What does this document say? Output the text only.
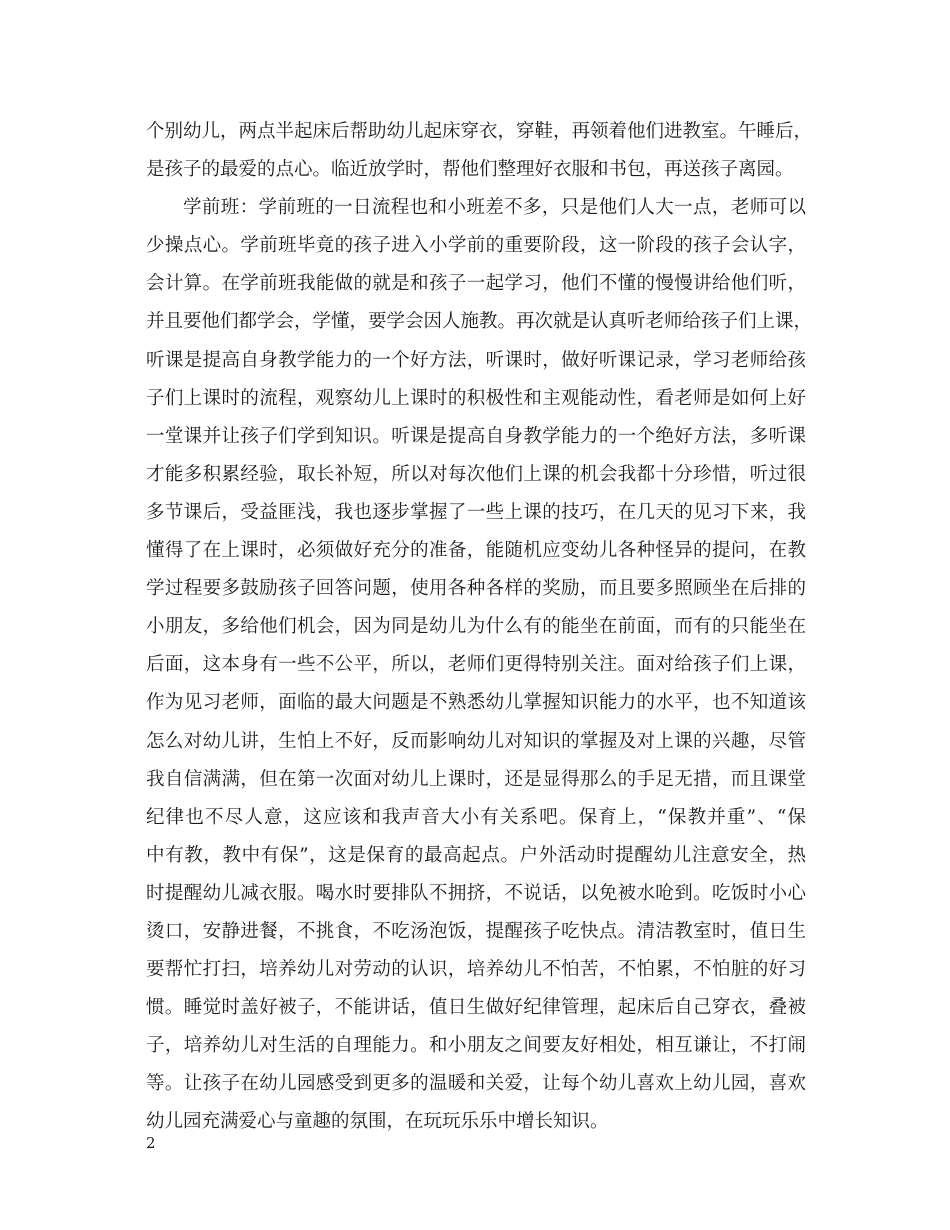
个别幼儿，两点半起床后帮助幼儿起床穿衣，穿鞋，再领着他们进教室。午睡后，
是孩子的最爱的点心。临近放学时，帮他们整理好衣服和书包，再送孩子离园。
学前班：学前班的一日流程也和小班差不多，只是他们人大一点，老师可以
少操点心。学前班毕竟的孩子进入小学前的重要阶段，这一阶段的孩子会认字，
会计算。在学前班我能做的就是和孩子一起学习，他们不懂的慢慢讲给他们听，
并且要他们都学会，学懂，要学会因人施教。再次就是认真听老师给孩子们上课，
听课是提高自身教学能力的一个好方法，听课时，做好听课记录，学习老师给孩
子们上课时的流程，观察幼儿上课时的积极性和主观能动性，看老师是如何上好
一堂课并让孩子们学到知识。听课是提高自身教学能力的一个绝好方法，多听课
才能多积累经验，取长补短，所以对每次他们上课的机会我都十分珍惜，听过很
多节课后，受益匪浅，我也逐步掌握了一些上课的技巧，在几天的见习下来，我
懂得了在上课时，必须做好充分的准备，能随机应变幼儿各种怪异的提问，在教
学过程要多鼓励孩子回答问题，使用各种各样的奖励，而且要多照顾坐在后排的
小朋友，多给他们机会，因为同是幼儿为什么有的能坐在前面，而有的只能坐在
后面，这本身有一些不公平，所以，老师们更得特别关注。面对给孩子们上课，
作为见习老师，面临的最大问题是不熟悉幼儿掌握知识能力的水平，也不知道该
怎么对幼儿讲，生怕上不好，反而影响幼儿对知识的掌握及对上课的兴趣，尽管
我自信满满，但在第一次面对幼儿上课时，还是显得那么的手足无措，而且课堂
纪律也不尽人意，这应该和我声音大小有关系吧。保育上，“保教并重”、“保
中有教，教中有保”，这是保育的最高起点。户外活动时提醒幼儿注意安全，热
时提醒幼儿减衣服。喝水时要排队不拥挤，不说话，以免被水呛到。吃饭时小心
烫口，安静进餐，不挑食，不吃汤泡饭，提醒孩子吃快点。清洁教室时，值日生
要帮忙打扫，培养幼儿对劳动的认识，培养幼儿不怕苦，不怕累，不怕脏的好习
惯。睡觉时盖好被子，不能讲话，值日生做好纪律管理，起床后自己穿衣，叠被
子，培养幼儿对生活的自理能力。和小朋友之间要友好相处，相互谦让，不打闹
等。让孩子在幼儿园感受到更多的温暖和关爱，让每个幼儿喜欢上幼儿园，喜欢
幼儿园充满爱心与童趣的氛围，在玩玩乐乐中增长知识。
2
